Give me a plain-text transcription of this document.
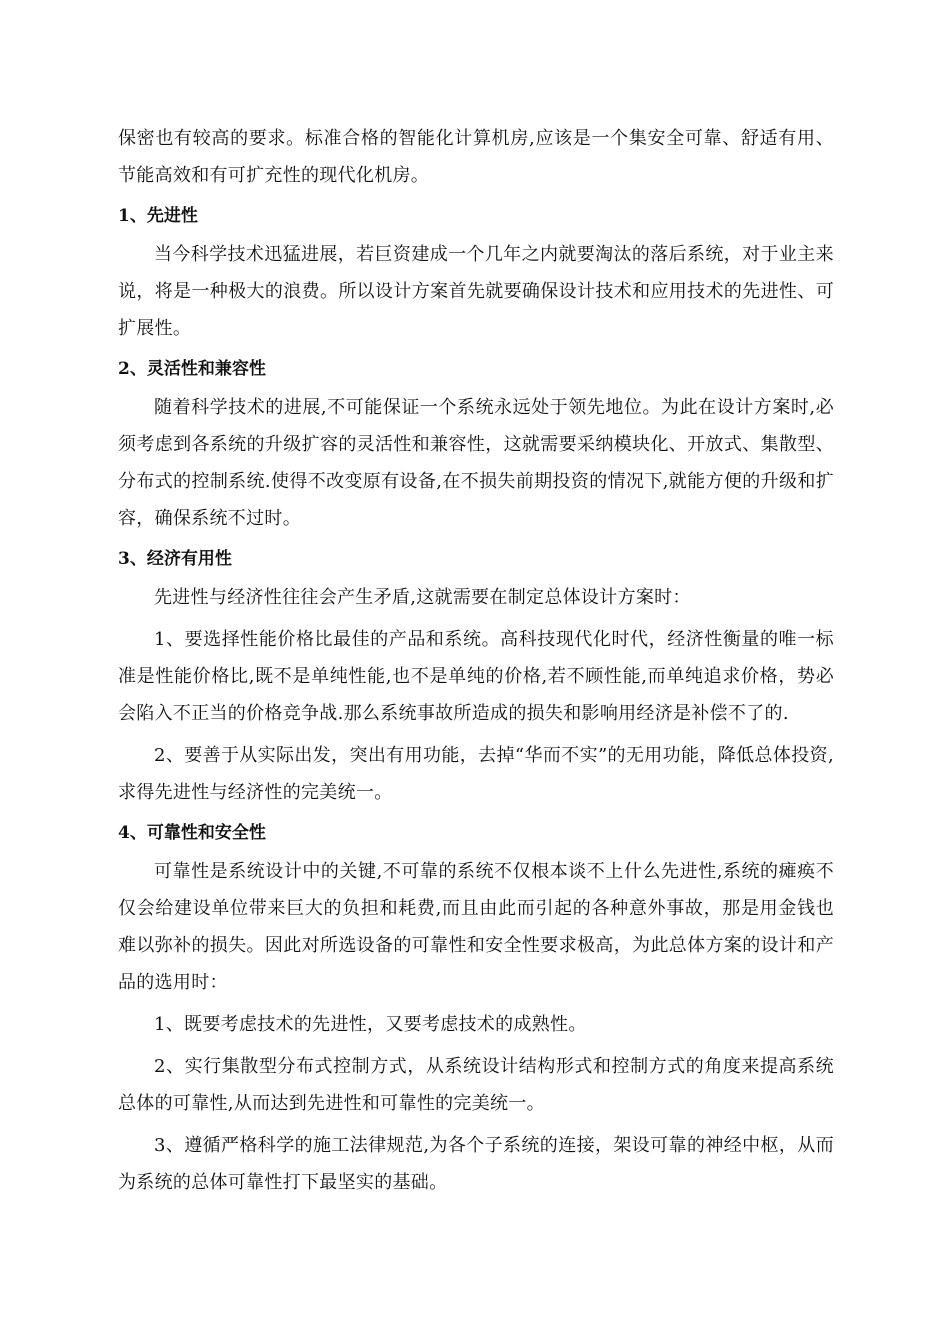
保密也有较高的要求。标准合格的智能化计算机房,应该是一个集安全可靠、舒适有用、节能高效和有可扩充性的现代化机房。

1、先进性

当今科学技术迅猛进展，若巨资建成一个几年之内就要淘汰的落后系统，对于业主来说，将是一种极大的浪费。所以设计方案首先就要确保设计技术和应用技术的先进性、可扩展性。

2、灵活性和兼容性

随着科学技术的进展,不可能保证一个系统永远处于领先地位。为此在设计方案时,必须考虑到各系统的升级扩容的灵活性和兼容性，这就需要采纳模块化、开放式、集散型、分布式的控制系统.使得不改变原有设备,在不损失前期投资的情况下,就能方便的升级和扩容，确保系统不过时。

3、经济有用性

先进性与经济性往往会产生矛盾,这就需要在制定总体设计方案时：

1、要选择性能价格比最佳的产品和系统。高科技现代化时代，经济性衡量的唯一标准是性能价格比,既不是单纯性能,也不是单纯的价格,若不顾性能,而单纯追求价格，势必会陷入不正当的价格竞争战.那么系统事故所造成的损失和影响用经济是补偿不了的.

2、要善于从实际出发，突出有用功能，去掉“华而不实”的无用功能，降低总体投资,求得先进性与经济性的完美统一。

4、可靠性和安全性

可靠性是系统设计中的关键,不可靠的系统不仅根本谈不上什么先进性,系统的瘫痪不仅会给建设单位带来巨大的负担和耗费,而且由此而引起的各种意外事故，那是用金钱也难以弥补的损失。因此对所选设备的可靠性和安全性要求极高，为此总体方案的设计和产品的选用时：

1、既要考虑技术的先进性，又要考虑技术的成熟性。

2、实行集散型分布式控制方式，从系统设计结构形式和控制方式的角度来提高系统总体的可靠性,从而达到先进性和可靠性的完美统一。

3、遵循严格科学的施工法律规范,为各个子系统的连接，架设可靠的神经中枢，从而为系统的总体可靠性打下最坚实的基础。
